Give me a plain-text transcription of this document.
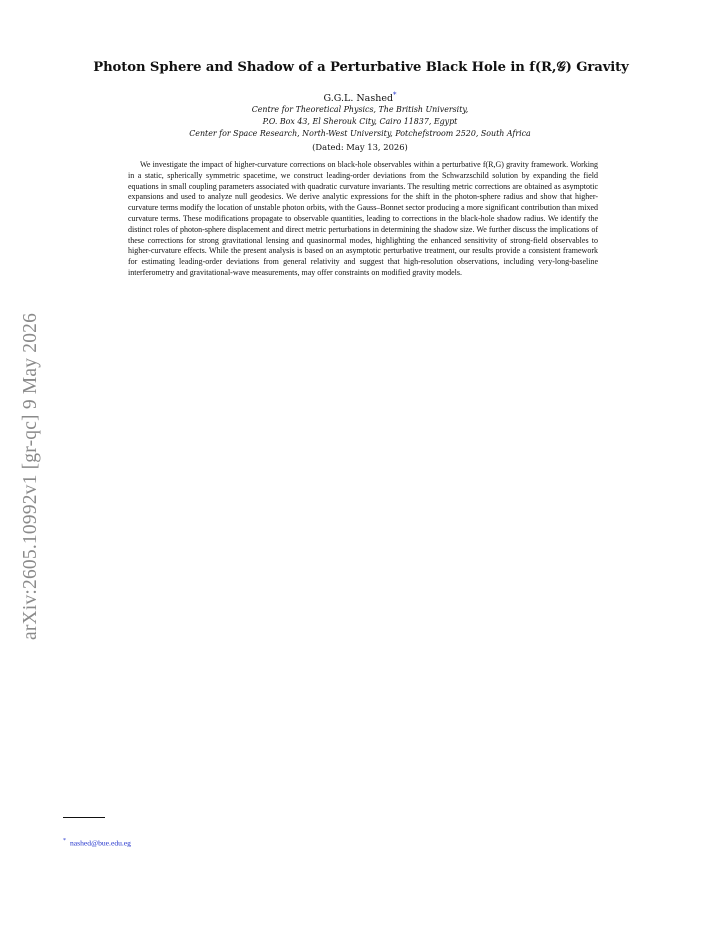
arXiv:2605.10992v1 [gr-qc] 9 May 2026
Photon Sphere and Shadow of a Perturbative Black Hole in f(R,𝒢) Gravity
G.G.L. Nashed*
Centre for Theoretical Physics, The British University,
P.O. Box 43, El Sherouk City, Cairo 11837, Egypt
Center for Space Research, North-West University, Potchefstroom 2520, South Africa
(Dated: May 13, 2026)

We investigate the impact of higher-curvature corrections on black-hole observables within a perturbative f(R,G) gravity framework. Working in a static, spherically symmetric spacetime, we construct leading-order deviations from the Schwarzschild solution by expanding the field equations in small coupling parameters associated with quadratic curvature invariants. The resulting metric corrections are obtained as asymptotic expansions and used to analyze null geodesics. We derive analytic expressions for the shift in the photon-sphere radius and show that higher-curvature terms modify the location of unstable photon orbits, with the Gauss–Bonnet sector producing a more significant contribution than mixed curvature terms. These modifications propagate to observable quantities, leading to corrections in the black-hole shadow radius. We identify the distinct roles of photon-sphere displacement and direct metric perturbations in determining the shadow size. We further discuss the implications of these corrections for strong gravitational lensing and quasinormal modes, highlighting the enhanced sensitivity of strong-field observables to higher-curvature effects. While the present analysis is based on an asymptotic perturbative treatment, our results provide a consistent framework for estimating leading-order deviations from general relativity and suggest that high-resolution observations, including very-long-baseline interferometry and gravitational-wave measurements, may offer constraints on modified gravity models.

* nashed@bue.edu.eg
